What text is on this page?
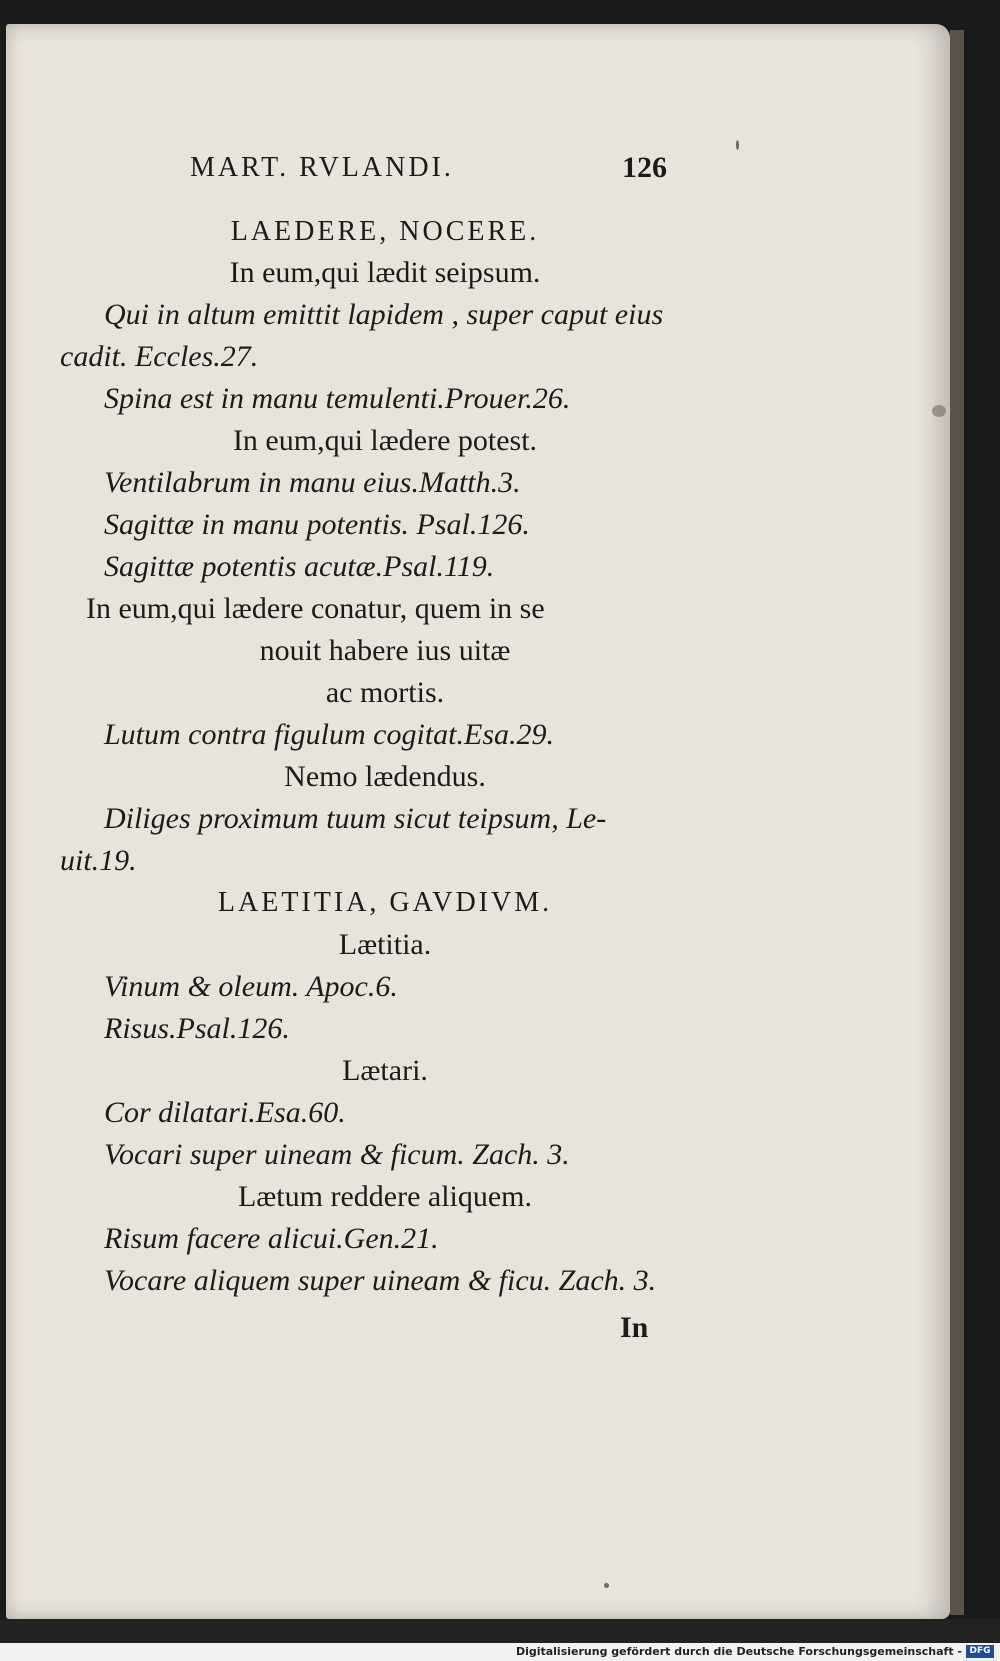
MART. RVLANDI.	126
LAEDERE, NOCERE.
In eum,qui lædit seipsum.
Qui in altum emittit lapidem , super caput eius
cadit. Eccles.27.
Spina est in manu temulenti.Prouer.26.
In eum,qui lædere potest.
Ventilabrum in manu eius.Matth.3.
Sagittæ in manu potentis. Psal.126.
Sagittæ potentis acutæ.Psal.119.
In eum,qui lædere conatur, quem in se
nouit habere ius uitæ
ac mortis.
Lutum contra figulum cogitat.Esa.29.
Nemo lædendus.
Diliges proximum tuum sicut teipsum, Le-
uit.19.
LAETITIA, GAVDIVM.
Lætitia.
Vinum & oleum. Apoc.6.
Risus.Psal.126.
Lætari.
Cor dilatari.Esa.60.
Vocari super uineam & ficum. Zach. 3.
Lætum reddere aliquem.
Risum facere alicui.Gen.21.
Vocare aliquem super uineam & ficu. Zach. 3.
In
Digitalisierung gefördert durch die Deutsche Forschungsgemeinschaft - DFG
